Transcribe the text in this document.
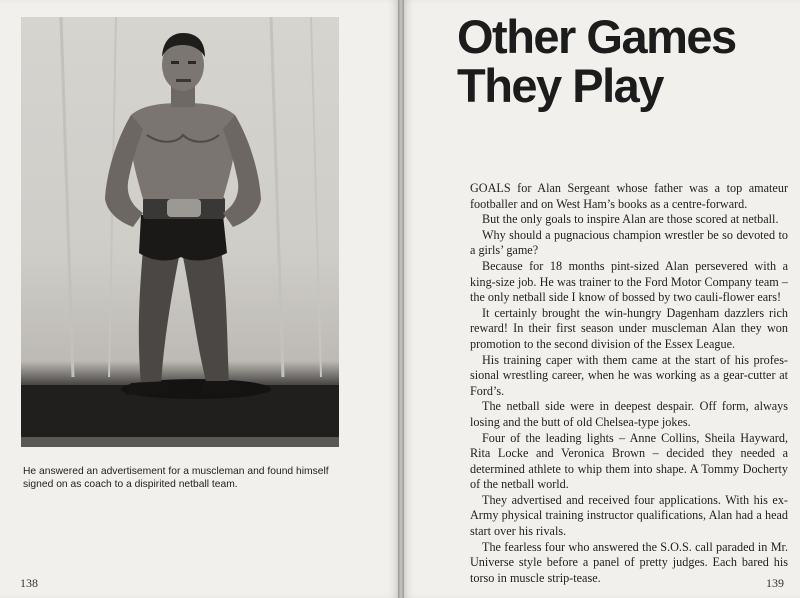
He answered an advertisement for a muscleman and found himself signed on as coach to a dispirited netball team.
138
Other Games
They Play

GOALS for Alan Sergeant whose father was a top amateur footballer and on West Ham’s books as a centre-forward.

But the only goals to inspire Alan are those scored at netball.

Why should a pugnacious champion wrestler be so devoted to a girls’ game?

Because for 18 months pint-sized Alan persevered with a king-size job. He was trainer to the Ford Motor Company team – the only netball side I know of bossed by two cauli-flower ears!

It certainly brought the win-hungry Dagenham dazzlers rich reward! In their first season under muscleman Alan they won promotion to the second division of the Essex League.

His training caper with them came at the start of his profes-sional wrestling career, when he was working as a gear-cutter at Ford’s.

The netball side were in deepest despair. Off form, always losing and the butt of old Chelsea-type jokes.

Four of the leading lights – Anne Collins, Sheila Hayward, Rita Locke and Veronica Brown – decided they needed a determined athlete to whip them into shape. A Tommy Docherty of the netball world.

They advertised and received four applications. With his ex-Army physical training instructor qualifications, Alan had a head start over his rivals.

The fearless four who answered the S.O.S. call paraded in Mr. Universe style before a panel of pretty judges. Each bared his torso in muscle strip-tease.	139
